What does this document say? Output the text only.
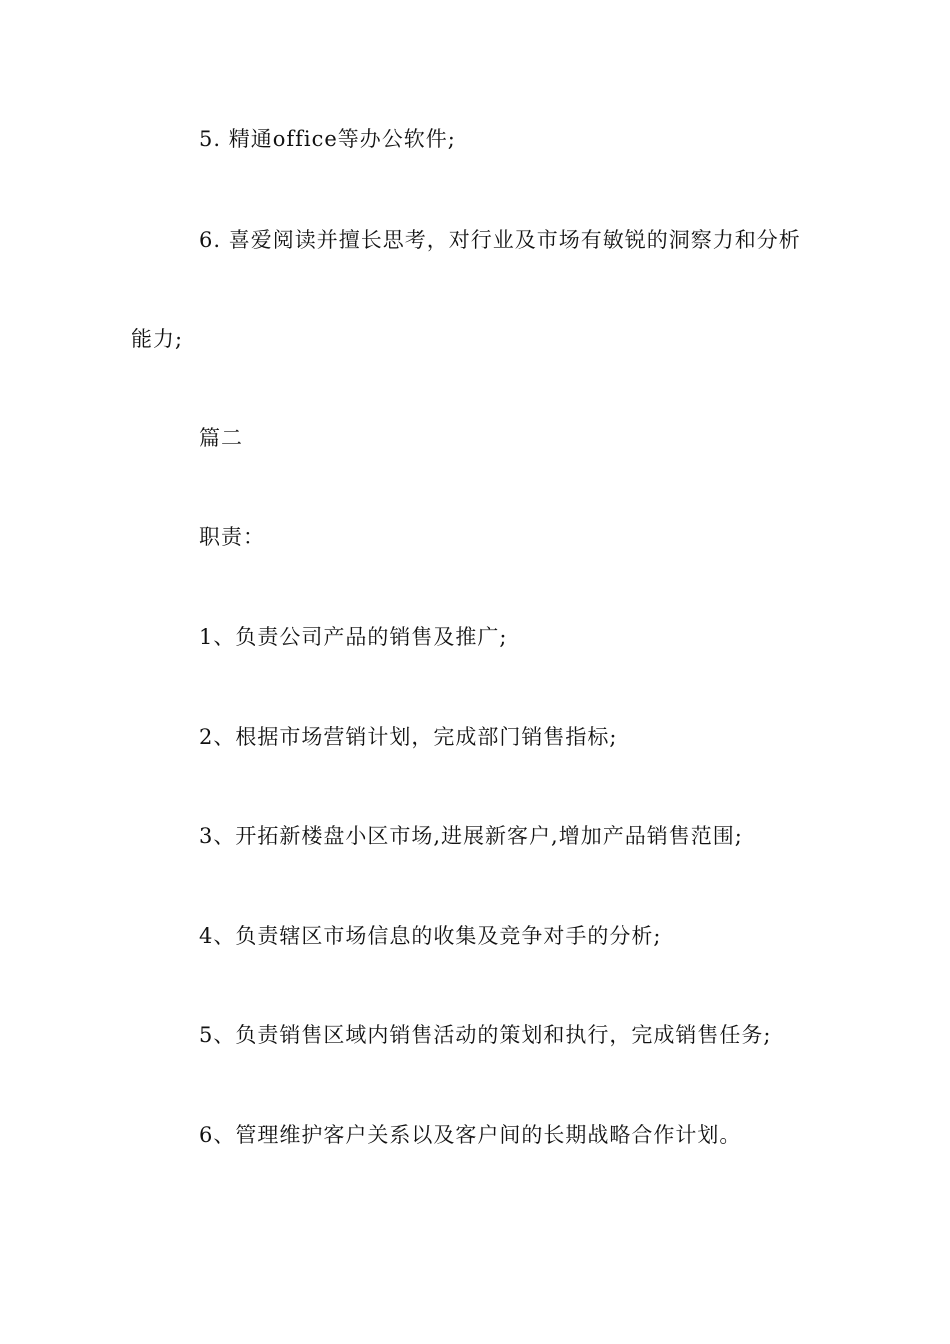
5. 精通office等办公软件;
6. 喜爱阅读并擅长思考，对行业及市场有敏锐的洞察力和分析
能力;
篇二
职责：
1、负责公司产品的销售及推广;
2、根据市场营销计划，完成部门销售指标;
3、开拓新楼盘小区市场,进展新客户,增加产品销售范围;
4、负责辖区市场信息的收集及竞争对手的分析;
5、负责销售区域内销售活动的策划和执行，完成销售任务;
6、管理维护客户关系以及客户间的长期战略合作计划。
